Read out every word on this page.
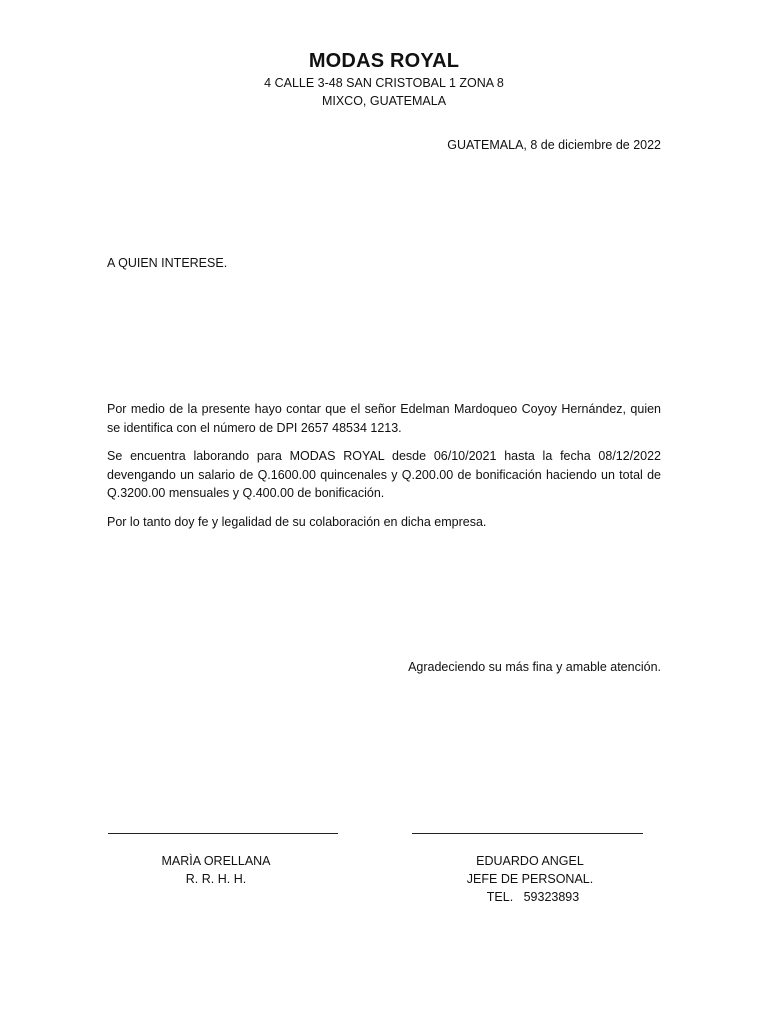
MODAS ROYAL
4 CALLE 3-48 SAN CRISTOBAL 1 ZONA 8
MIXCO, GUATEMALA
GUATEMALA, 8 de diciembre de 2022
A QUIEN INTERESE.

Por medio de la presente hayo contar que el señor Edelman Mardoqueo Coyoy Hernández, quien se identifica con el número de DPI 2657 48534 1213.

Se encuentra laborando para MODAS ROYAL desde 06/10/2021 hasta la fecha 08/12/2022 devengando un salario de Q.1600.00 quincenales y Q.200.00 de bonificación haciendo un total de Q.3200.00 mensuales y Q.400.00 de bonificación.

Por lo tanto doy fe y legalidad de su colaboración en dicha empresa.

Agradeciendo su más fina y amable atención.
MARÌA ORELLANA
R. R. H. H.
EDUARDO ANGEL
JEFE DE PERSONAL.
TEL.   59323893
